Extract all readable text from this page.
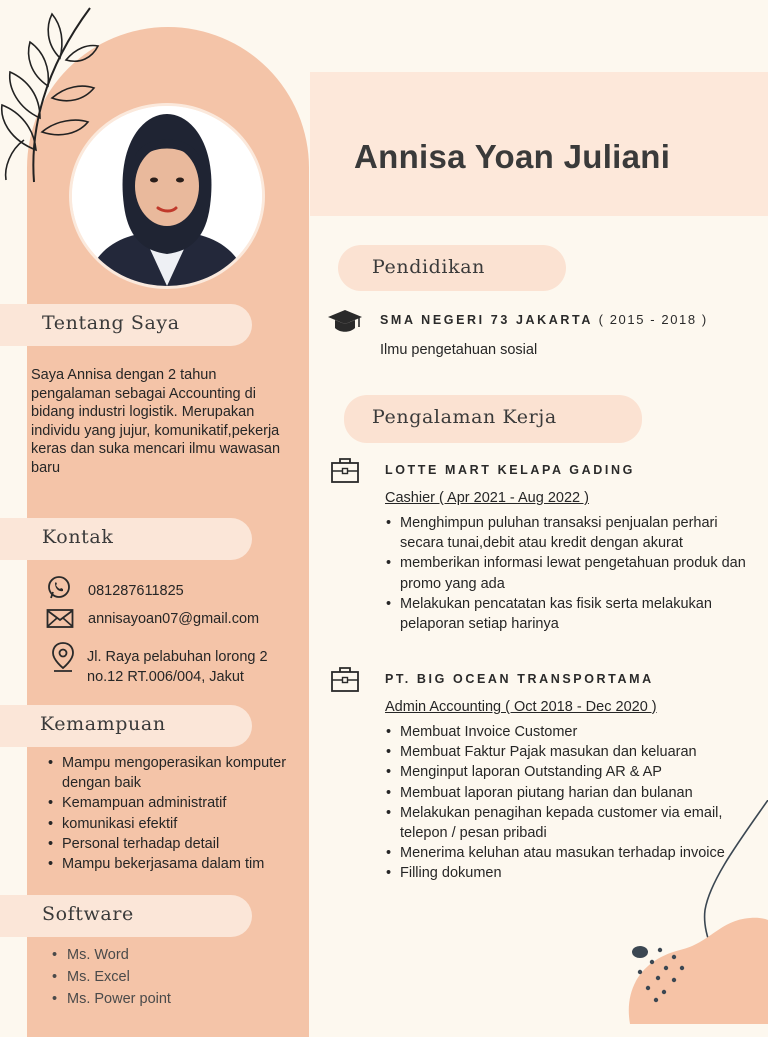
Tentang Saya
Saya Annisa dengan 2 tahun pengalaman sebagai Accounting di bidang industri logistik. Merupakan individu yang jujur, komunikatif,pekerja keras dan suka mencari ilmu wawasan baru
Kontak
081287611825
annisayoan07@gmail.com
Jl. Raya pelabuhan lorong 2 no.12 RT.006/004, Jakut
Kemampuan
• Mampu mengoperasikan komputer dengan baik
• Kemampuan administratif
• komunikasi efektif
• Personal terhadap detail
• Mampu bekerjasama dalam tim
Software
• Ms. Word
• Ms. Excel
• Ms. Power point
Annisa Yoan Juliani
Pendidikan
SMA NEGERI 73 JAKARTA ( 2015 - 2018 )
Ilmu pengetahuan sosial
Pengalaman Kerja
LOTTE MART KELAPA GADING
Cashier ( Apr 2021 - Aug 2022 )
• Menghimpun puluhan transaksi penjualan perhari secara tunai,debit atau kredit dengan akurat
• memberikan informasi lewat pengetahuan produk dan promo yang ada
• Melakukan pencatatan kas fisik serta melakukan pelaporan setiap harinya
PT. BIG OCEAN TRANSPORTAMA
Admin Accounting ( Oct 2018 - Dec 2020 )
• Membuat Invoice Customer
• Membuat Faktur Pajak masukan dan keluaran
• Menginput laporan Outstanding AR & AP
• Membuat laporan piutang harian dan bulanan
• Melakukan penagihan kepada customer via email, telepon / pesan pribadi
• Menerima keluhan atau masukan terhadap invoice
• Filling dokumen
